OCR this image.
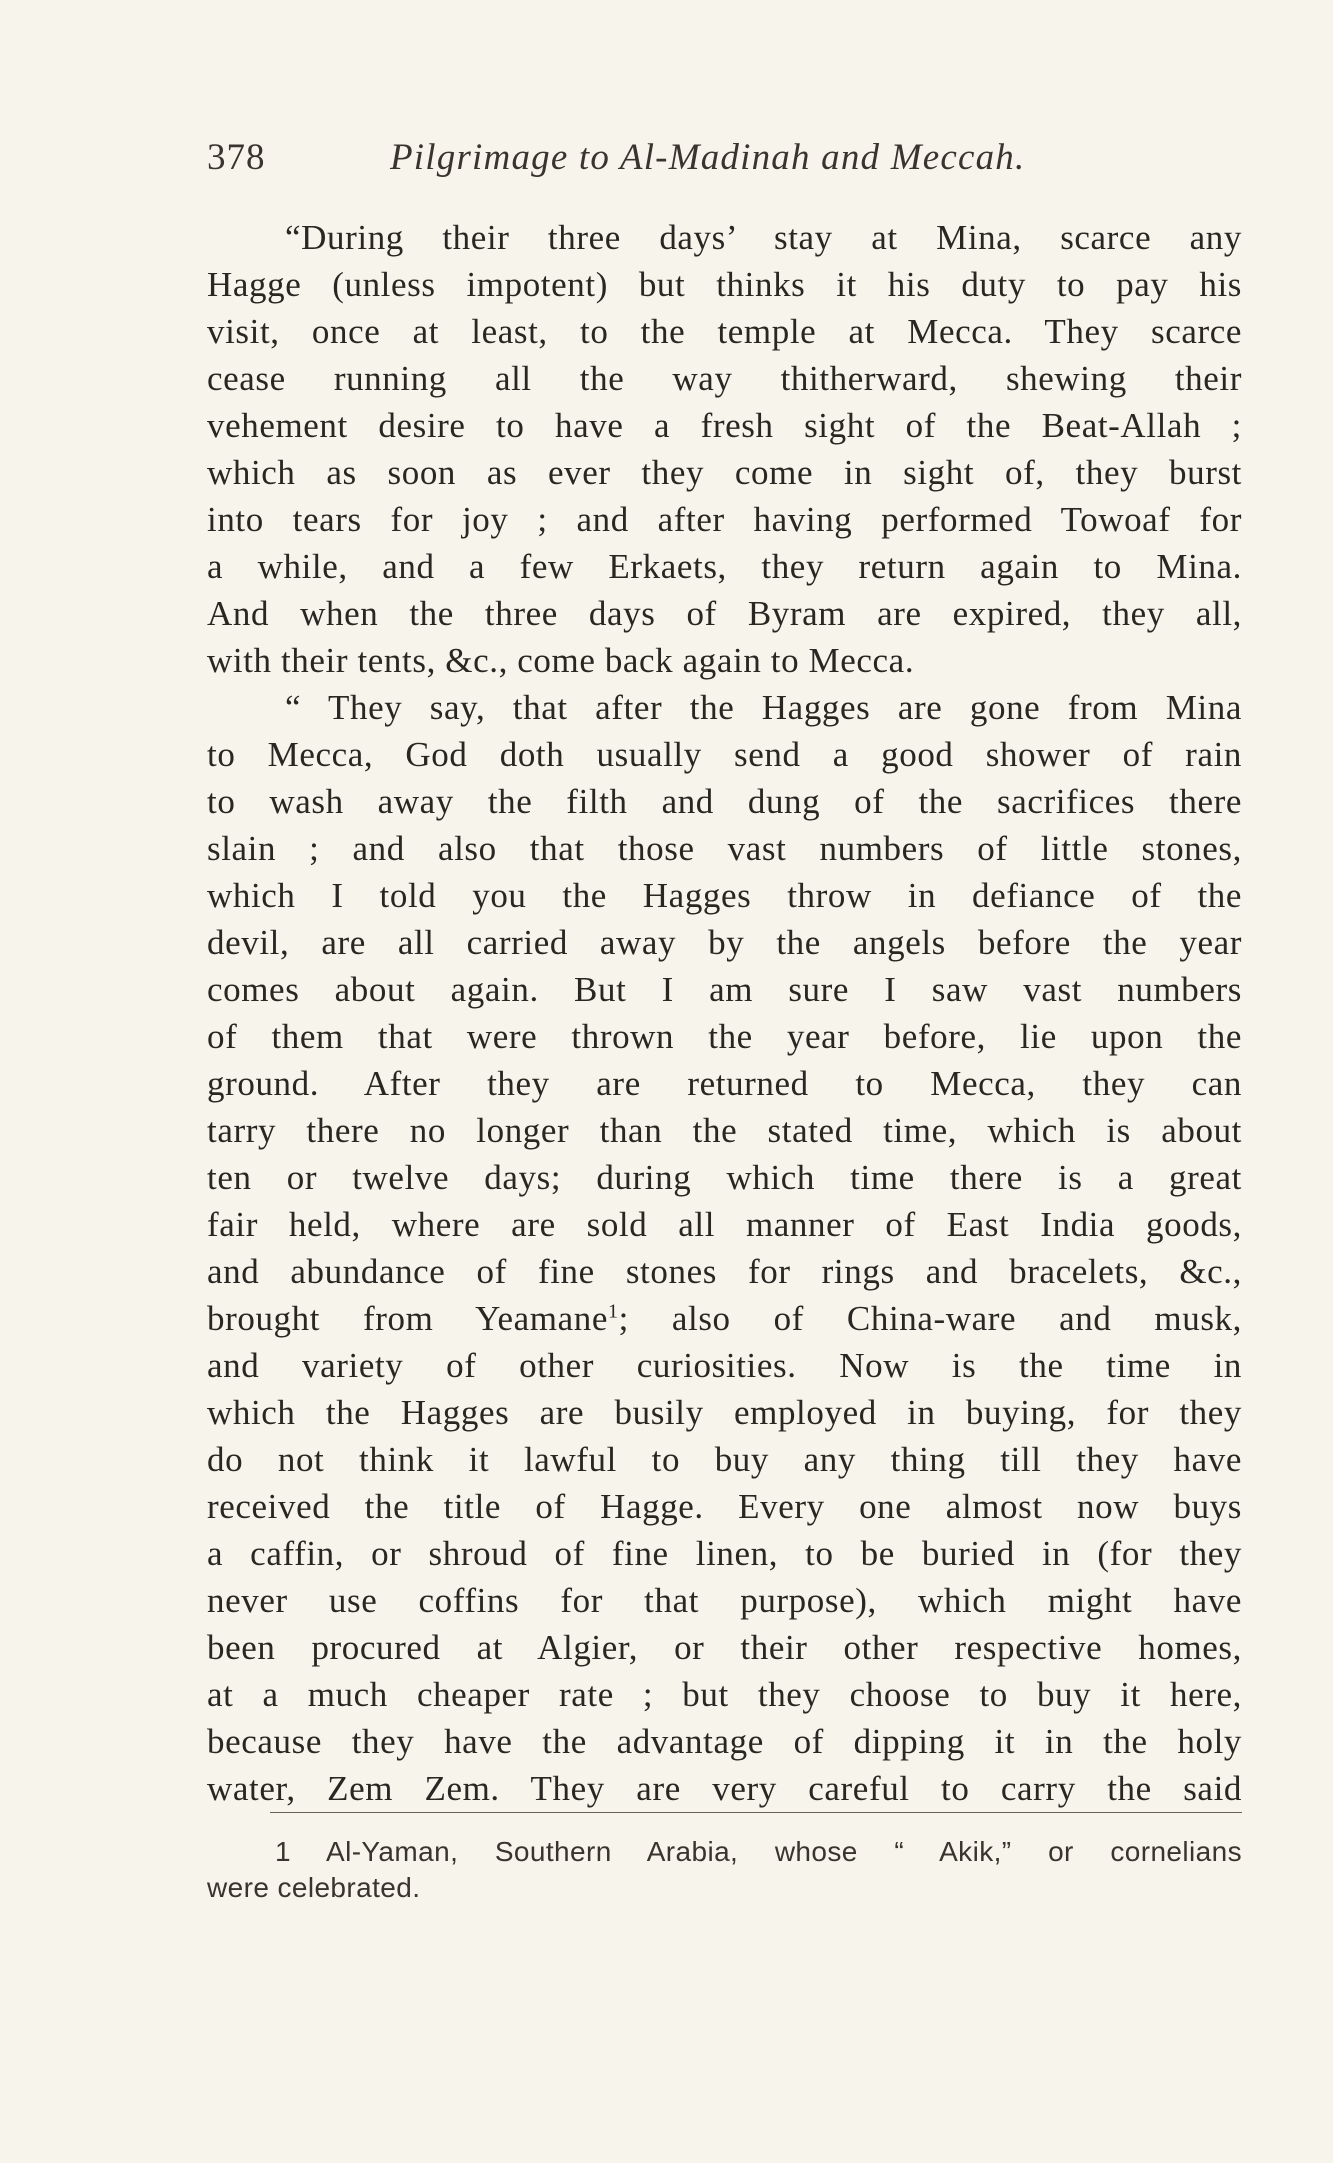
378	Pilgrimage to Al-Madinah and Meccah.
“During their three days’ stay at Mina, scarce any
Hagge (unless impotent) but thinks it his duty to pay his
visit, once at least, to the temple at Mecca. They scarce
cease running all the way thitherward, shewing their
vehement desire to have a fresh sight of the Beat-Allah ;
which as soon as ever they come in sight of, they burst
into tears for joy ; and after having performed Towoaf for
a while, and a few Erkaets, they return again to Mina.
And when the three days of Byram are expired, they all,
with their tents, &c., come back again to Mecca.
“ They say, that after the Hagges are gone from Mina
to Mecca, God doth usually send a good shower of rain
to wash away the filth and dung of the sacrifices there
slain ; and also that those vast numbers of little stones,
which I told you the Hagges throw in defiance of the
devil, are all carried away by the angels before the year
comes about again. But I am sure I saw vast numbers
of them that were thrown the year before, lie upon the
ground. After they are returned to Mecca, they can
tarry there no longer than the stated time, which is about
ten or twelve days; during which time there is a great
fair held, where are sold all manner of East India goods,
and abundance of fine stones for rings and bracelets, &c.,
brought from Yeamane$^1$; also of China-ware and musk,
and variety of other curiosities. Now is the time in
which the Hagges are busily employed in buying, for they
do not think it lawful to buy any thing till they have
received the title of Hagge. Every one almost now buys
a caffin, or shroud of fine linen, to be buried in (for they
never use coffins for that purpose), which might have
been procured at Algier, or their other respective homes,
at a much cheaper rate ; but they choose to buy it here,
because they have the advantage of dipping it in the holy
water, Zem Zem. They are very careful to carry the said
1 Al-Yaman, Southern Arabia, whose “ Akik,” or cornelians
were celebrated.
